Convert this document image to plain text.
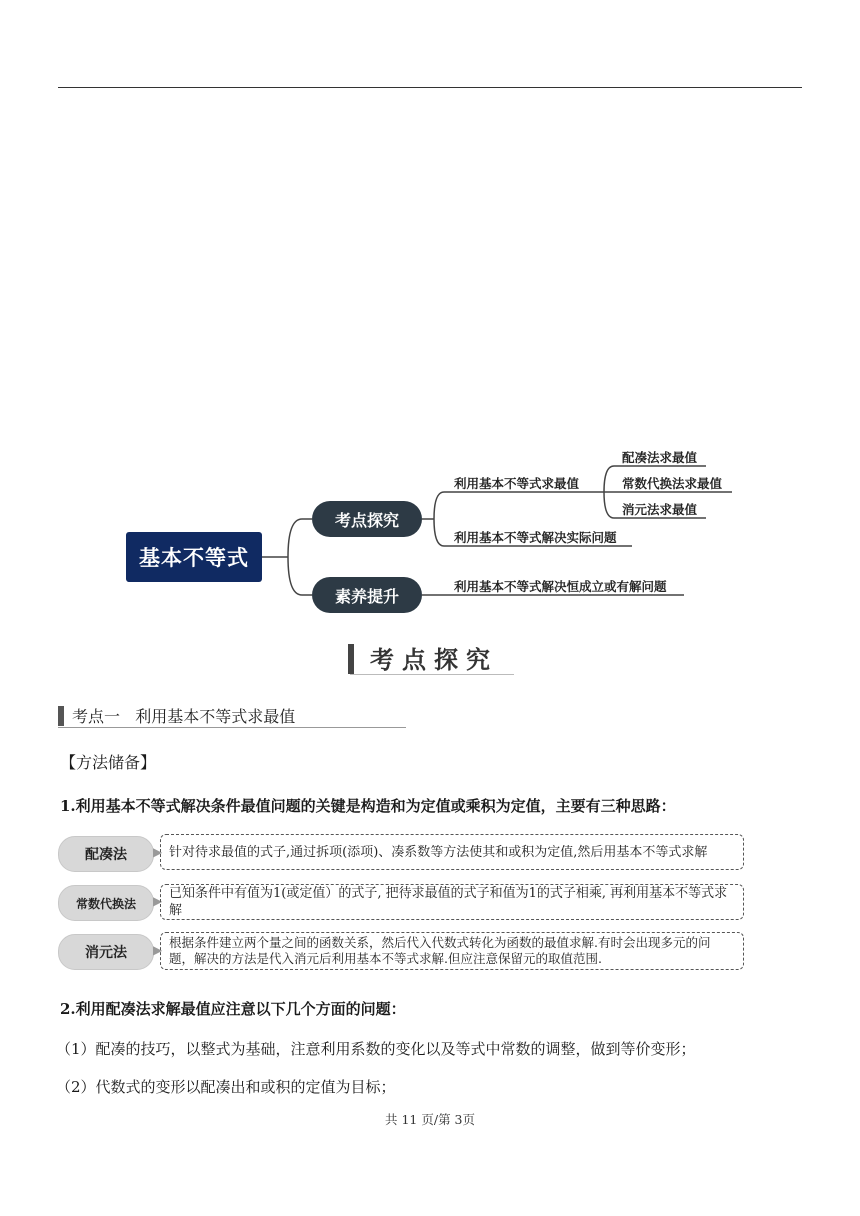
基本不等式
考点探究
素养提升
利用基本不等式求最值
利用基本不等式解决实际问题
利用基本不等式解决恒成立或有解问题
配凑法求最值
常数代换法求最值
消元法求最值
考点探究
考点一 利用基本不等式求最值
【方法储备】
1.利用基本不等式解决条件最值问题的关键是构造和为定值或乘积为定值，主要有三种思路：
配凑法	▶ 针对待求最值的式子,通过拆项(添项)、凑系数等方法使其和或积为定值,然后用基本不等式求解
常数代换法	▶ 已知条件中有值为1(或定值）的式子, 把待求最值的式子和值为1的式子相乘, 再利用基本不等式求解
消元法	▶ 根据条件建立两个量之间的函数关系，然后代入代数式转化为函数的最值求解.有时会出现多元的问题，解决的方法是代入消元后利用基本不等式求解.但应注意保留元的取值范围.
2.利用配凑法求解最值应注意以下几个方面的问题：
（1）配凑的技巧，以整式为基础，注意利用系数的变化以及等式中常数的调整，做到等价变形；
（2）代数式的变形以配凑出和或积的定值为目标；
共 11 页/第 3页
